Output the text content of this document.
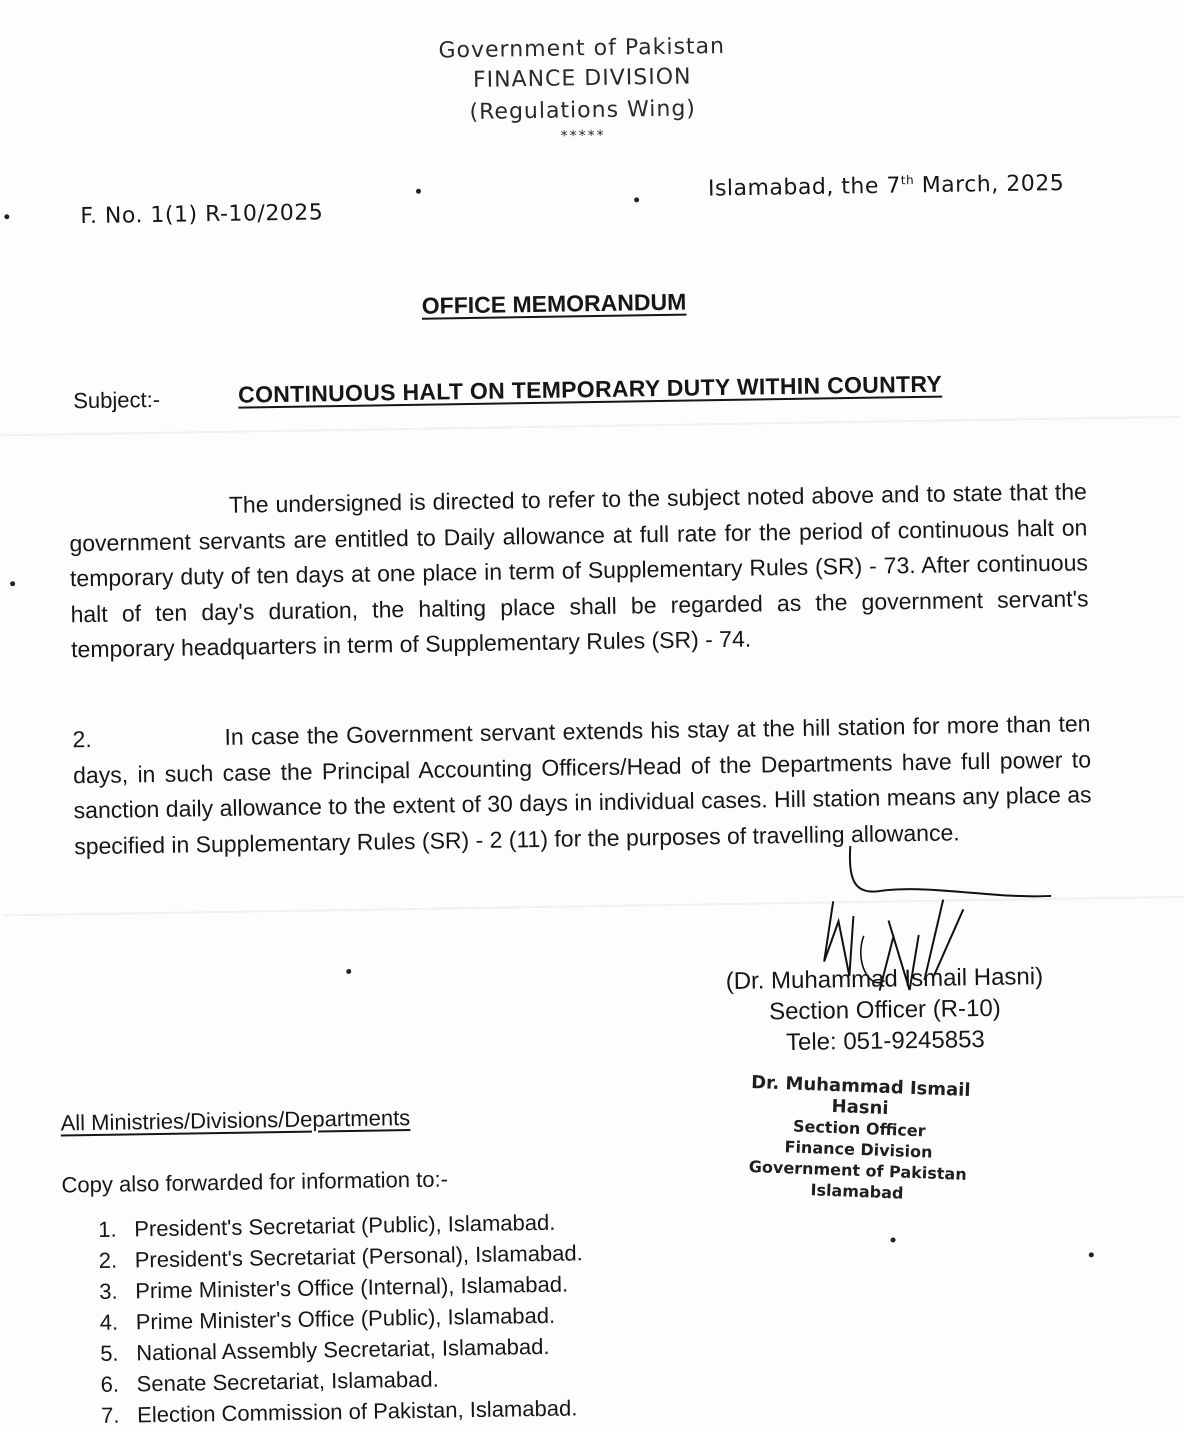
Government of Pakistan
FINANCE DIVISION
(Regulations Wing)
*****
F. No. 1(1) R-10/2025
Islamabad, the 7th March, 2025
OFFICE MEMORANDUM
Subject:-	CONTINUOUS HALT ON TEMPORARY DUTY WITHIN COUNTRY
The undersigned is directed to refer to the subject noted above and to state that the government servants are entitled to Daily allowance at full rate for the period of continuous halt on temporary duty of ten days at one place in term of Supplementary Rules (SR) - 73. After continuous halt of ten day's duration, the halting place shall be regarded as the government servant's temporary headquarters in term of Supplementary Rules (SR) - 74.
2.	In case the Government servant extends his stay at the hill station for more than ten days, in such case the Principal Accounting Officers/Head of the Departments have full power to sanction daily allowance to the extent of 30 days in individual cases. Hill station means any place as specified in Supplementary Rules (SR) - 2 (11) for the purposes of travelling allowance.
(Dr. Muhammad Ismail Hasni)
Section Officer (R-10)
Tele: 051-9245853
Dr. Muhammad Ismail Hasni
Section Officer
Finance Division
Government of Pakistan
Islamabad
All Ministries/Divisions/Departments
Copy also forwarded for information to:-
1. President's Secretariat (Public), Islamabad.
2. President's Secretariat (Personal), Islamabad.
3. Prime Minister's Office (Internal), Islamabad.
4. Prime Minister's Office (Public), Islamabad.
5. National Assembly Secretariat, Islamabad.
6. Senate Secretariat, Islamabad.
7. Election Commission of Pakistan, Islamabad.
